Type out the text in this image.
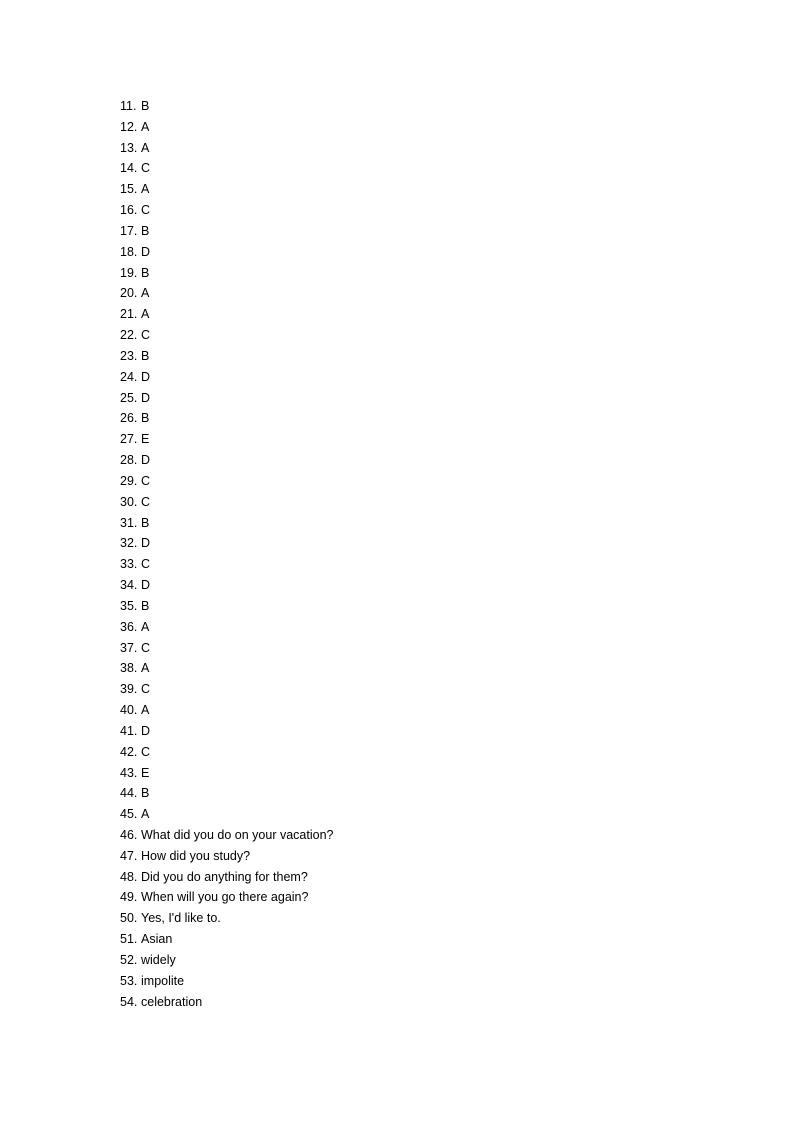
11. B
12. A
13. A
14. C
15. A
16. C
17. B
18. D
19. B
20. A
21. A
22. C
23. B
24. D
25. D
26. B
27. E
28. D
29. C
30. C
31. B
32. D
33. C
34. D
35. B
36. A
37. C
38. A
39. C
40. A
41. D
42. C
43. E
44. B
45. A
46. What did you do on your vacation?
47. How did you study?
48. Did you do anything for them?
49. When will you go there again?
50. Yes, I'd like to.
51. Asian
52. widely
53. impolite
54. celebration
